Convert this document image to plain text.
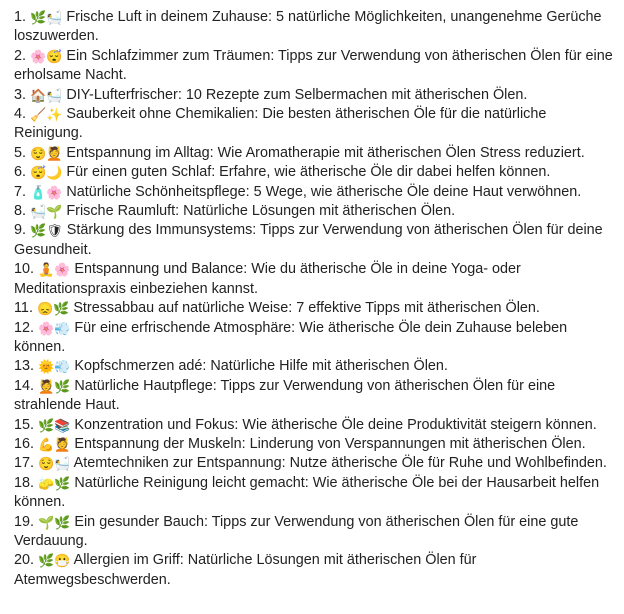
1. 🌿🛀 Frische Luft in deinem Zuhause: 5 natürliche Möglichkeiten, unangenehme Gerüche loszuwerden.
2. 🌸😴 Ein Schlafzimmer zum Träumen: Tipps zur Verwendung von ätherischen Ölen für eine erholsame Nacht.
3. 🏠🛀 DIY-Lufterfrischer: 10 Rezepte zum Selbermachen mit ätherischen Ölen.
4. 🧹✨ Sauberkeit ohne Chemikalien: Die besten ätherischen Öle für die natürliche Reinigung.
5. 😌💆 Entspannung im Alltag: Wie Aromatherapie mit ätherischen Ölen Stress reduziert.
6. 😴🌙 Für einen guten Schlaf: Erfahre, wie ätherische Öle dir dabei helfen können.
7. 🧴🌸 Natürliche Schönheitspflege: 5 Wege, wie ätherische Öle deine Haut verwöhnen.
8. 🛀🌱 Frische Raumluft: Natürliche Lösungen mit ätherischen Ölen.
9. 🌿🛡 Stärkung des Immunsystems: Tipps zur Verwendung von ätherischen Ölen für deine Gesundheit.
10. 🧘🌸 Entspannung und Balance: Wie du ätherische Öle in deine Yoga- oder Meditationspraxis einbeziehen kannst.
11. 😞🌿 Stressabbau auf natürliche Weise: 7 effektive Tipps mit ätherischen Ölen.
12. 🌸💨 Für eine erfrischende Atmosphäre: Wie ätherische Öle dein Zuhause beleben können.
13. 🌞💨 Kopfschmerzen adé: Natürliche Hilfe mit ätherischen Ölen.
14. 💆🌿 Natürliche Hautpflege: Tipps zur Verwendung von ätherischen Ölen für eine strahlende Haut.
15. 🌿📚 Konzentration und Fokus: Wie ätherische Öle deine Produktivität steigern können.
16. 💪💆 Entspannung der Muskeln: Linderung von Verspannungen mit ätherischen Ölen.
17. 😌🛀 Atemtechniken zur Entspannung: Nutze ätherische Öle für Ruhe und Wohlbefinden.
18. 🧽🌿 Natürliche Reinigung leicht gemacht: Wie ätherische Öle bei der Hausarbeit helfen können.
19. 🌱🌿 Ein gesunder Bauch: Tipps zur Verwendung von ätherischen Ölen für eine gute Verdauung.
20. 🌿😷 Allergien im Griff: Natürliche Lösungen mit ätherischen Ölen für Atemwegsbeschwerden.
